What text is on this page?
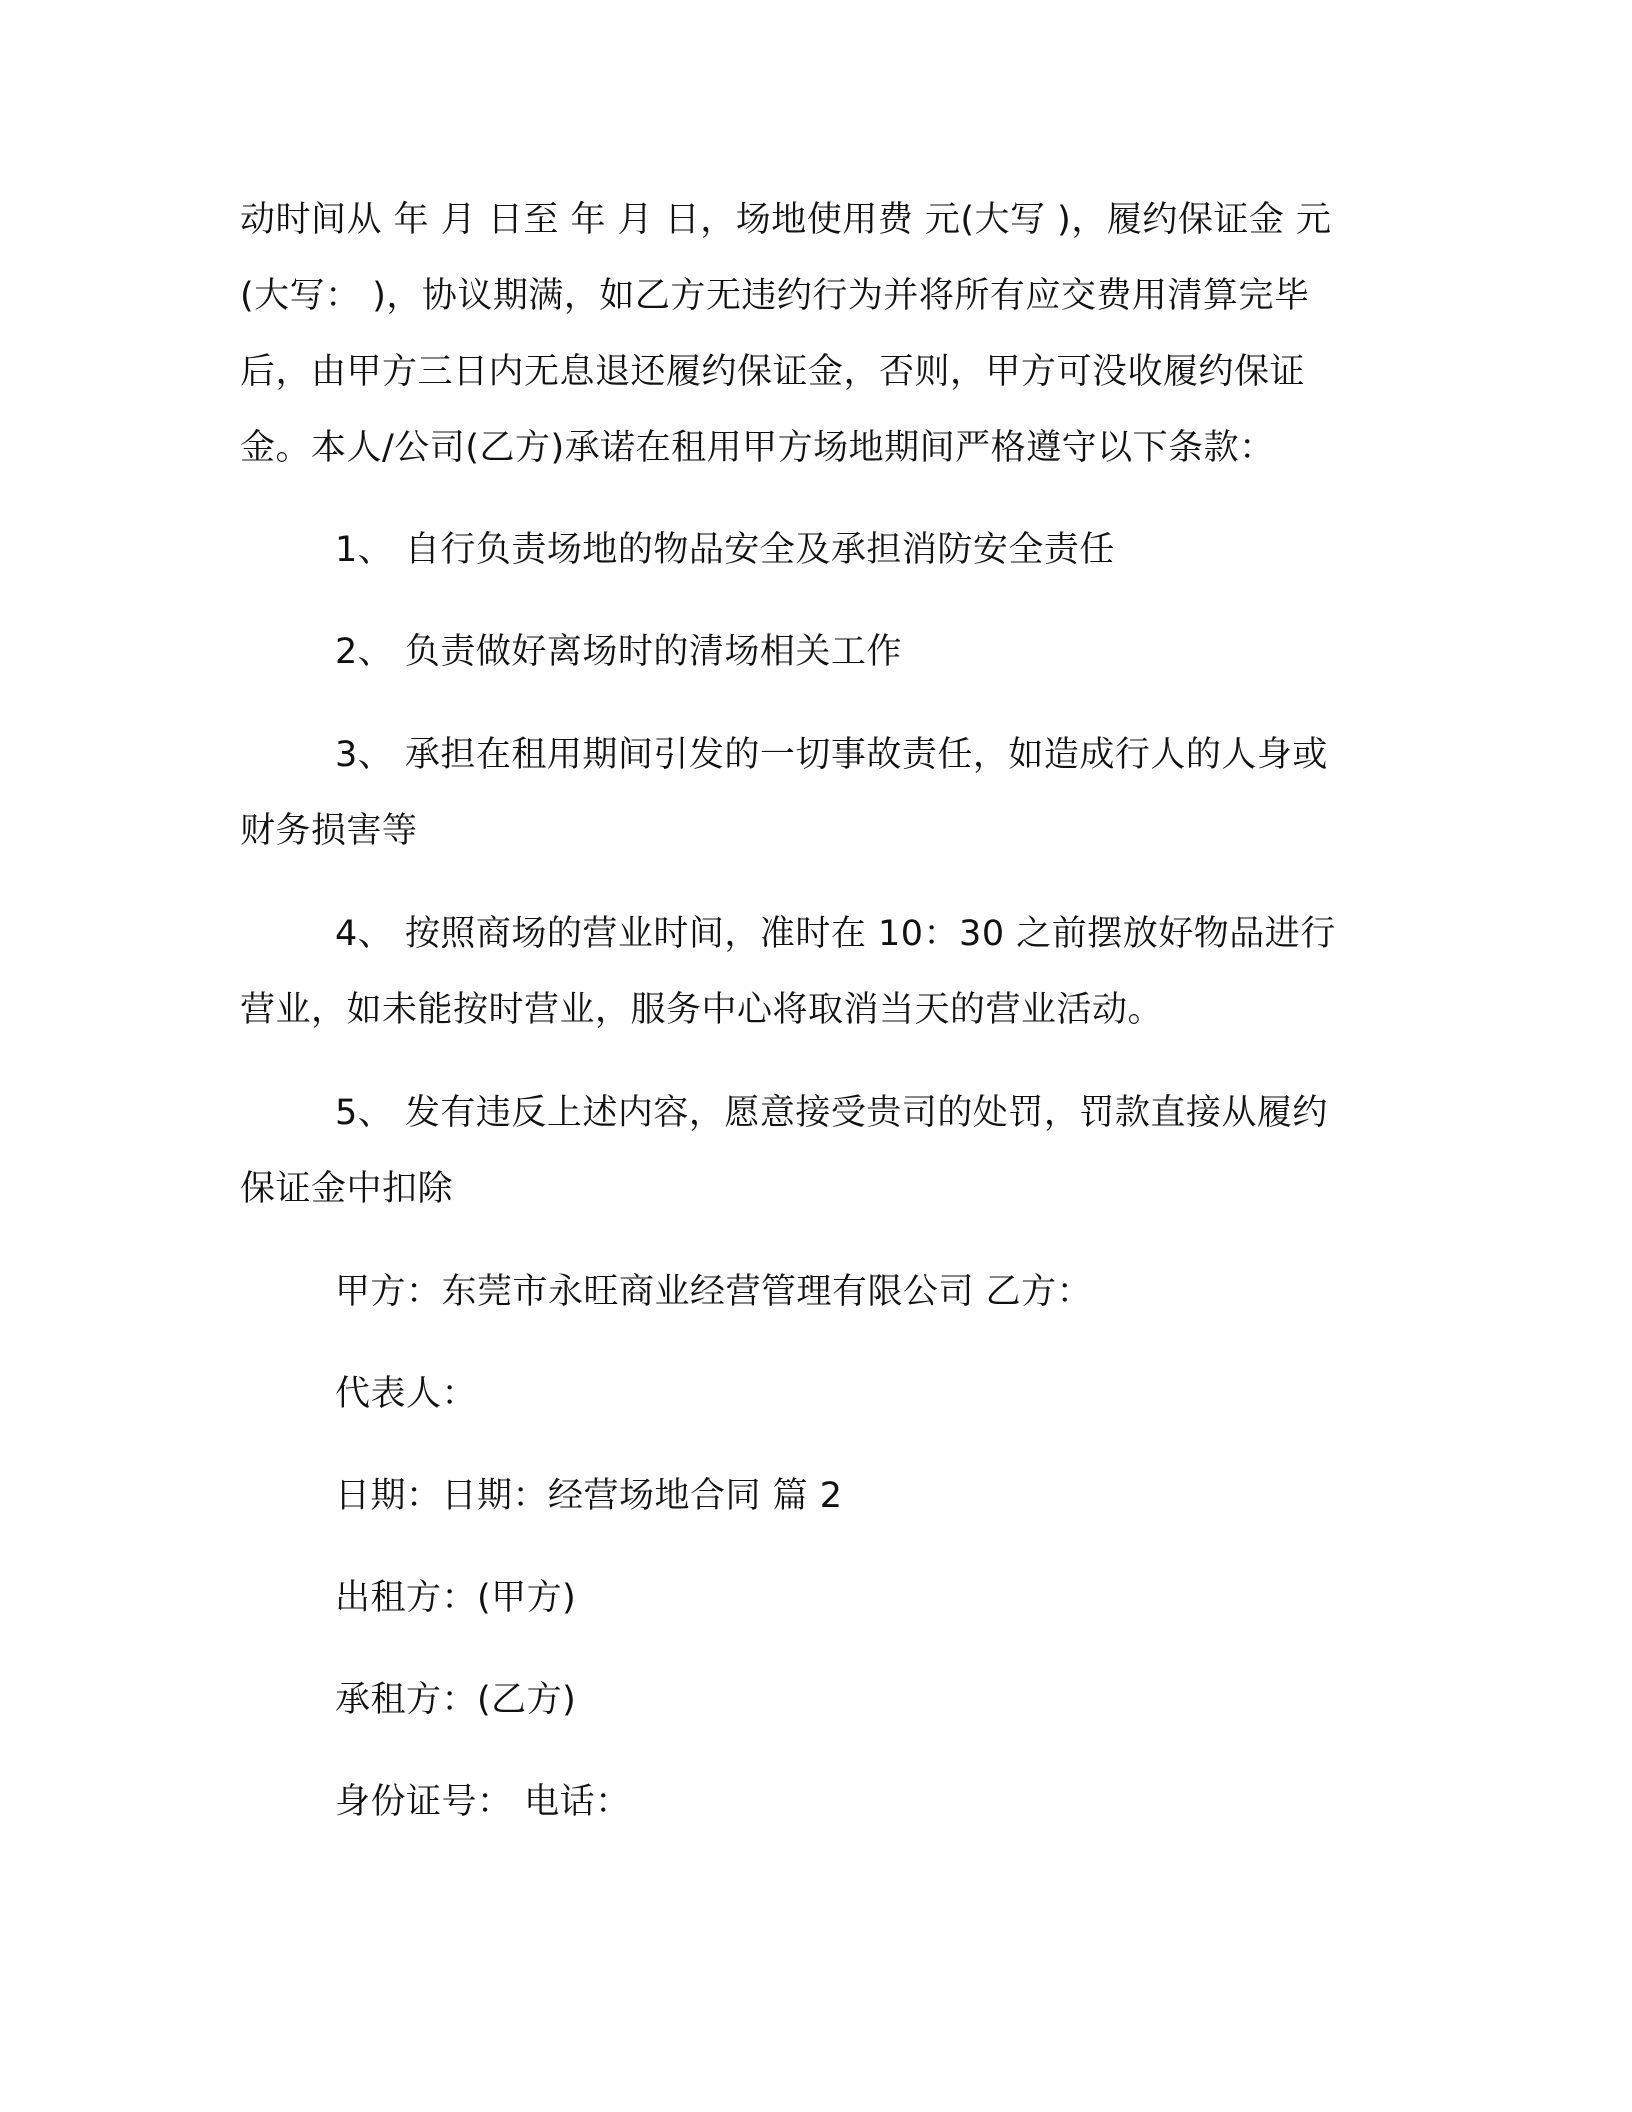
动时间从 年 月 日至 年 月 日，场地使用费 元(大写 )，履约保证金 元
(大写： )，协议期满，如乙方无违约行为并将所有应交费用清算完毕
后，由甲方三日内无息退还履约保证金，否则，甲方可没收履约保证
金。本人/公司(乙方)承诺在租用甲方场地期间严格遵守以下条款：
1、 自行负责场地的物品安全及承担消防安全责任
2、 负责做好离场时的清场相关工作
3、 承担在租用期间引发的一切事故责任，如造成行人的人身或
财务损害等
4、 按照商场的营业时间，准时在 10：30 之前摆放好物品进行
营业，如未能按时营业，服务中心将取消当天的营业活动。
5、 发有违反上述内容，愿意接受贵司的处罚，罚款直接从履约
保证金中扣除
甲方：东莞市永旺商业经营管理有限公司 乙方：
代表人：
日期：日期：经营场地合同 篇 2
出租方：(甲方)
承租方：(乙方)
身份证号： 电话：
